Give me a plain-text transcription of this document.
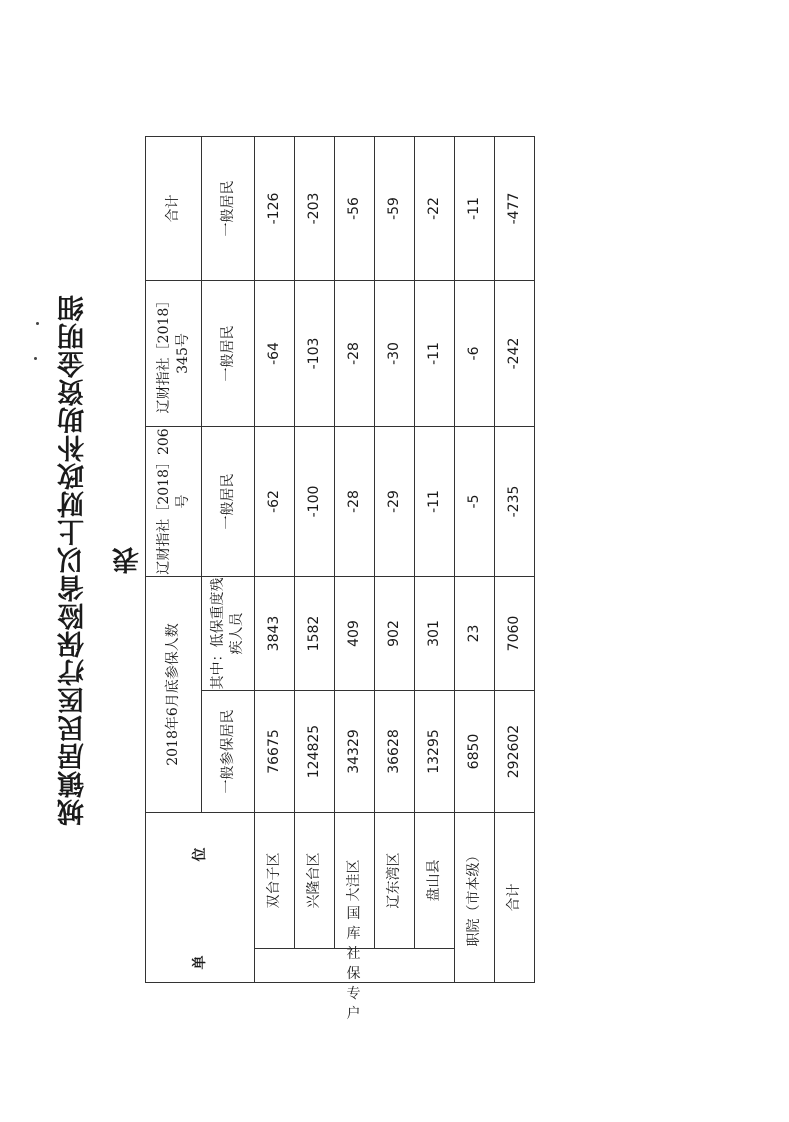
城镇居民医疗保险省以上财政补助资金明细表
单　　位		2018年6月底参保人数		辽财指社［2018］206号	辽财指社［2018］345号	合计
		一般参保居民	其中：低保重度残疾人员	一般居民	一般居民	一般居民
国库社保专户	双台子区	76675	3843	-62	-64	-126
	兴隆台区	124825	1582	-100	-103	-203
	大洼区	34329	409	-28	-28	-56
	辽东湾区	36628	902	-29	-30	-59
	盘山县	13295	301	-11	-11	-22
职院（市本级）		6850	23	-5	-6	-11
合计		292602	7060	-235	-242	-477
